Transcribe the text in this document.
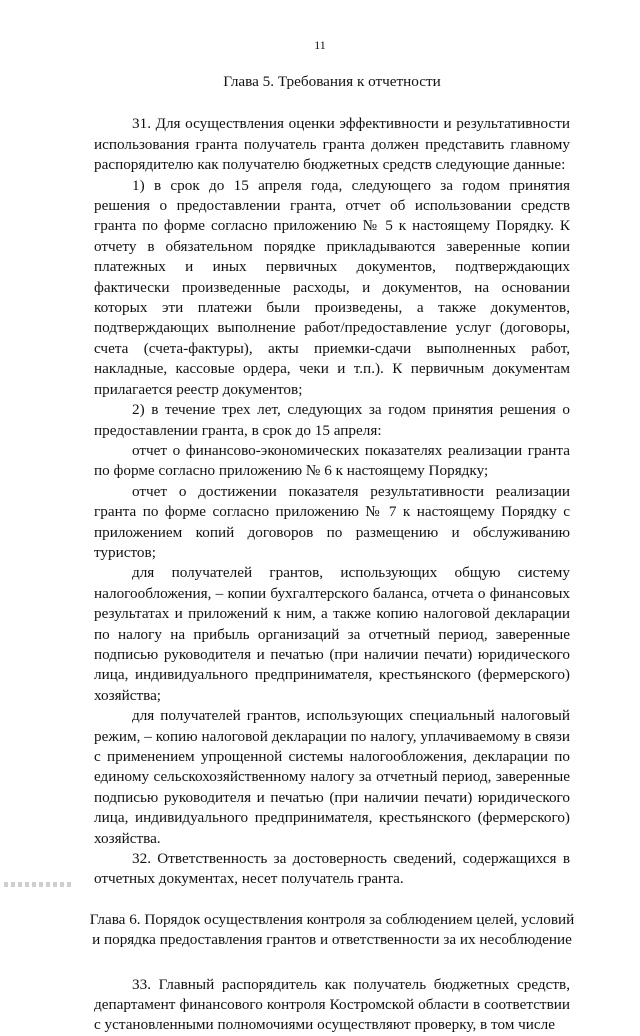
11
Глава 5. Требования к отчетности

31. Для осуществления оценки эффективности и результативности использования гранта получатель гранта должен представить главному распорядителю как получателю бюджетных средств следующие данные:

1) в срок до 15 апреля года, следующего за годом принятия решения о предоставлении гранта, отчет об использовании средств гранта по форме согласно приложению № 5 к настоящему Порядку. К отчету в обязательном порядке прикладываются заверенные копии платежных и иных первичных документов, подтверждающих фактически произведенные расходы, и документов, на основании которых эти платежи были произведены, а также документов, подтверждающих выполнение работ/предоставление услуг (договоры, счета (счета-фактуры), акты приемки-сдачи выполненных работ, накладные, кассовые ордера, чеки и т.п.). К первичным документам прилагается реестр документов;

2) в течение трех лет, следующих за годом принятия решения о предоставлении гранта, в срок до 15 апреля:

отчет о финансово-экономических показателях реализации гранта по форме согласно приложению № 6 к настоящему Порядку;

отчет о достижении показателя результативности реализации гранта по форме согласно приложению № 7 к настоящему Порядку с приложением копий договоров по размещению и обслуживанию туристов;

для получателей грантов, использующих общую систему налогообложения, – копии бухгалтерского баланса, отчета о финансовых результатах и приложений к ним, а также копию налоговой декларации по налогу на прибыль организаций за отчетный период, заверенные подписью руководителя и печатью (при наличии печати) юридического лица, индивидуального предпринимателя, крестьянского (фермерского) хозяйства;

для получателей грантов, использующих специальный налоговый режим, – копию налоговой декларации по налогу, уплачиваемому в связи с применением упрощенной системы налогообложения, декларации по единому сельскохозяйственному налогу за отчетный период, заверенные подписью руководителя и печатью (при наличии печати) юридического лица, индивидуального предпринимателя, крестьянского (фермерского) хозяйства.

32. Ответственность за достоверность сведений, содержащихся в отчетных документах, несет получатель гранта.

Глава 6. Порядок осуществления контроля за соблюдением целей, условий и порядка предоставления грантов и ответственности за их несоблюдение

33. Главный распорядитель как получатель бюджетных средств, департамент финансового контроля Костромской области в соответствии с установленными полномочиями осуществляют проверку, в том числе
